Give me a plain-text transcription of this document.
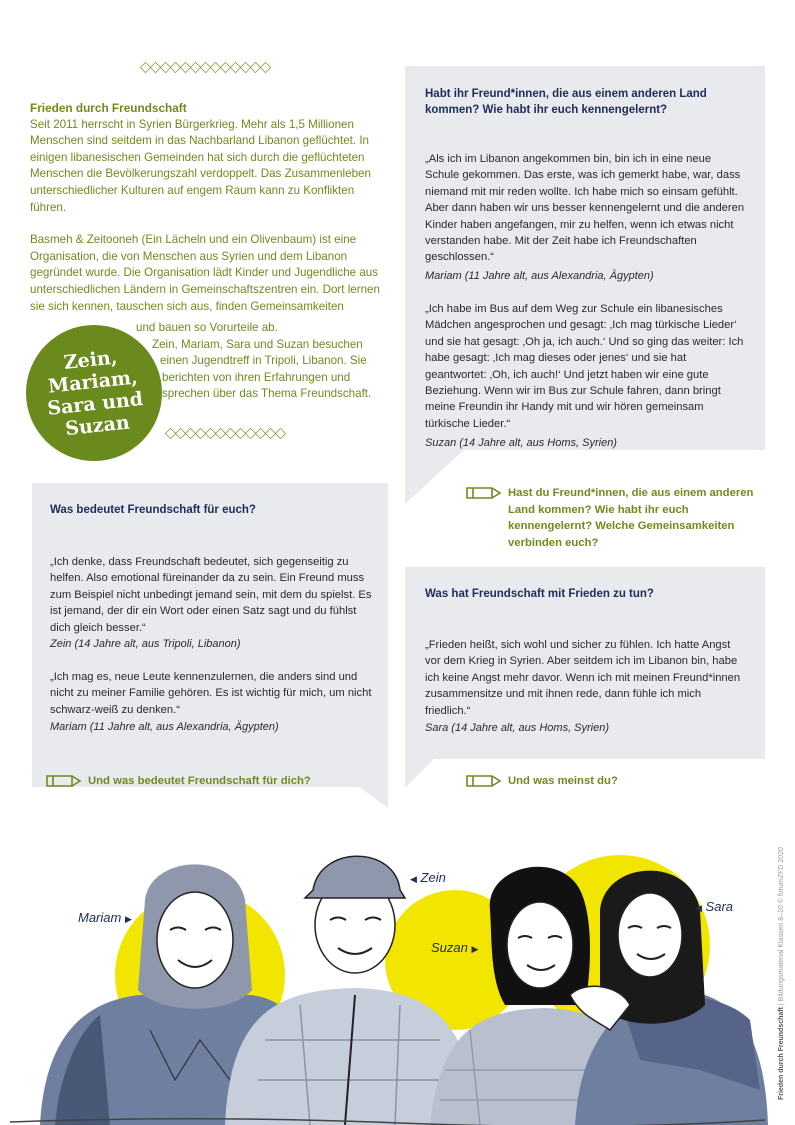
Frieden durch Freundschaft

Seit 2011 herrscht in Syrien Bürgerkrieg. Mehr als 1,5 Millionen Menschen sind seitdem in das Nachbarland Libanon geflüchtet. In einigen libanesischen Gemeinden hat sich durch die geflüchteten Menschen die Bevölkerungszahl verdoppelt. Das Zusammenleben unterschiedlicher Kulturen auf engem Raum kann zu Konflikten führen.

Basmeh & Zeitooneh (Ein Lächeln und ein Olivenbaum) ist eine Organisation, die von Menschen aus Syrien und dem Libanon gegründet wurde. Die Organisation lädt Kinder und Jugendliche aus unterschiedlichen Ländern in Gemeinschaftszentren ein. Dort lernen sie sich kennen, tauschen sich aus, finden Gemeinsamkeiten

und bauen so Vorurteile ab.
Zein, Mariam, Sara und Suzan besuchen
einen Jugendtreff in Tripoli, Libanon. Sie
berichten von ihren Erfahrungen und
sprechen über das Thema Freundschaft.
Zein, Mariam, Sara und Suzan
Habt ihr Freund*innen, die aus einem anderen Land kommen? Wie habt ihr euch kennengelernt?
„Als ich im Libanon angekommen bin, bin ich in eine neue Schule gekommen. Das erste, was ich gemerkt habe, war, dass niemand mit mir reden wollte. Ich habe mich so einsam gefühlt. Aber dann haben wir uns besser kennengelernt und die anderen Kinder haben angefangen, mir zu helfen, wenn ich etwas nicht verstanden habe. Mit der Zeit habe ich Freundschaften geschlossen.“
Mariam (11 Jahre alt, aus Alexandria, Ägypten)
„Ich habe im Bus auf dem Weg zur Schule ein libanesisches Mädchen angesprochen und gesagt: ‚Ich mag türkische Lieder‘ und sie hat gesagt: ‚Oh ja, ich auch.‘ Und so ging das weiter: Ich habe gesagt: ‚Ich mag dieses oder jenes‘ und sie hat geantwortet: ‚Oh, ich auch!‘ Und jetzt haben wir eine gute Beziehung. Wenn wir im Bus zur Schule fahren, dann bringt meine Freundin ihr Handy mit und wir hören gemeinsam türkische Lieder.“
Suzan (14 Jahre alt, aus Homs, Syrien)
Hast du Freund*innen, die aus einem anderen Land kommen? Wie habt ihr euch kennengelernt? Welche Gemeinsamkeiten verbinden euch?
Was bedeutet Freundschaft für euch?
„Ich denke, dass Freundschaft bedeutet, sich gegenseitig zu helfen. Also emotional füreinander da zu sein. Ein Freund muss zum Beispiel nicht unbedingt jemand sein, mit dem du spielst. Es ist jemand, der dir ein Wort oder einen Satz sagt und du fühlst dich gleich besser.“
Zein (14 Jahre alt, aus Tripoli, Libanon)
„Ich mag es, neue Leute kennenzulernen, die anders sind und nicht zu meiner Familie gehören. Es ist wichtig für mich, um nicht schwarz-weiß zu denken.“
Mariam (11 Jahre alt, aus Alexandria, Ägypten)
Und was bedeutet Freundschaft für dich?
Was hat Freundschaft mit Frieden zu tun?
„Frieden heißt, sich wohl und sicher zu fühlen. Ich hatte Angst vor dem Krieg in Syrien. Aber seitdem ich im Libanon bin, habe ich keine Angst mehr davor. Wenn ich mit meinen Freund*innen zusammensitze und mit ihnen rede, dann fühle ich mich friedlich.“
Sara (14 Jahre alt, aus Homs, Syrien)
Und was meinst du?
Mariam ▶
◀ Zein
Suzan ▶
◀ Sara
Frieden durch Freundschaft | Bildungsmaterial Klassen 8–10 © forumZFD 2020
